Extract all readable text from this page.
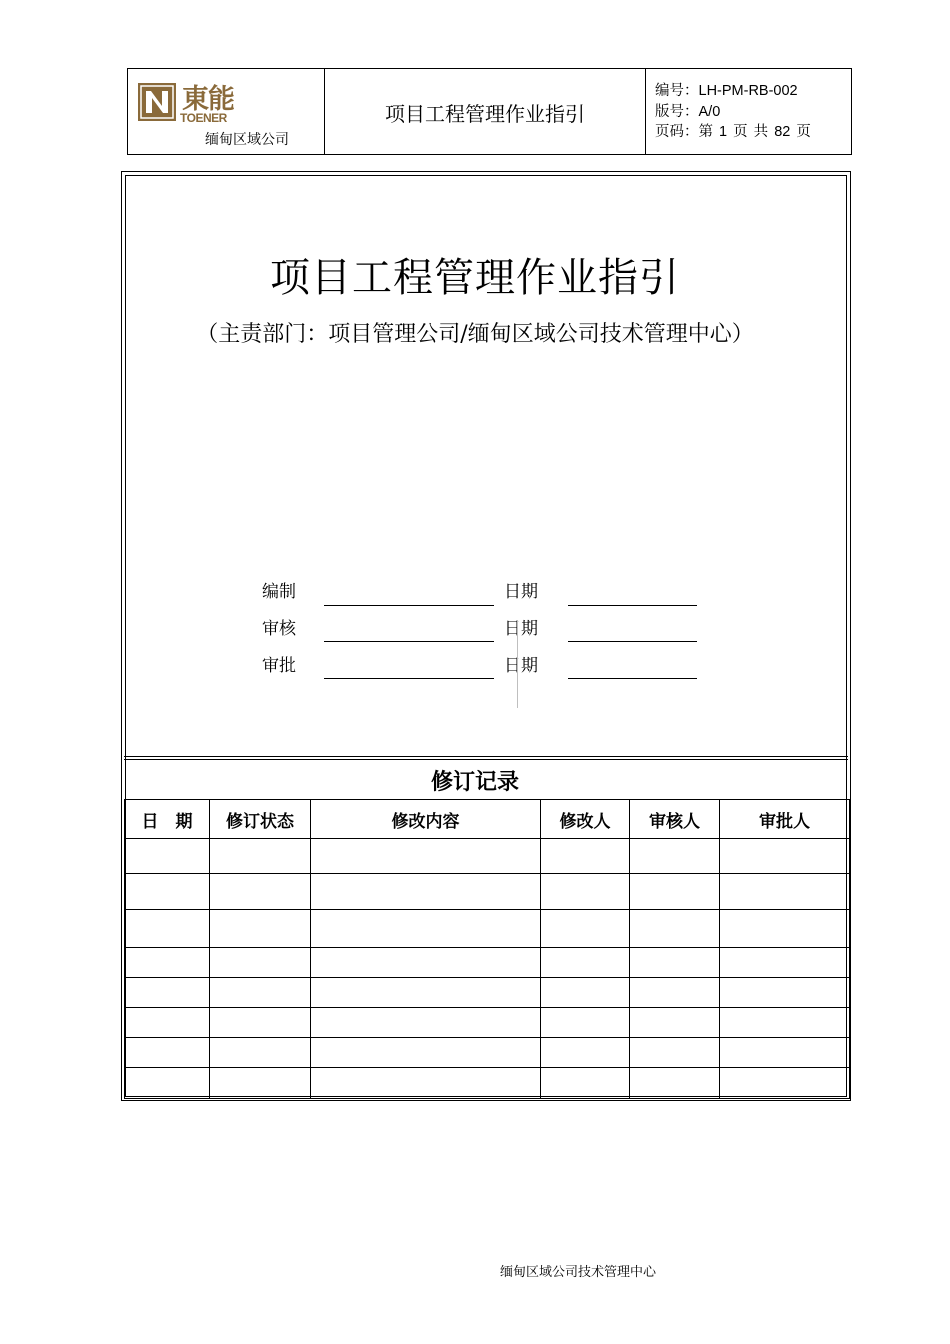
東能
TOENER
缅甸区域公司
项目工程管理作业指引
编号：LH-PM-RB-002
版号：A/0
页码：第 1 页 共 82 页
项目工程管理作业指引
（主责部门：项目管理公司/缅甸区域公司技术管理中心）
编制	日期
审核	日期
审批	日期
修订记录
日　期	修订状态	修改内容	修改人	审核人	审批人

缅甸区域公司技术管理中心
